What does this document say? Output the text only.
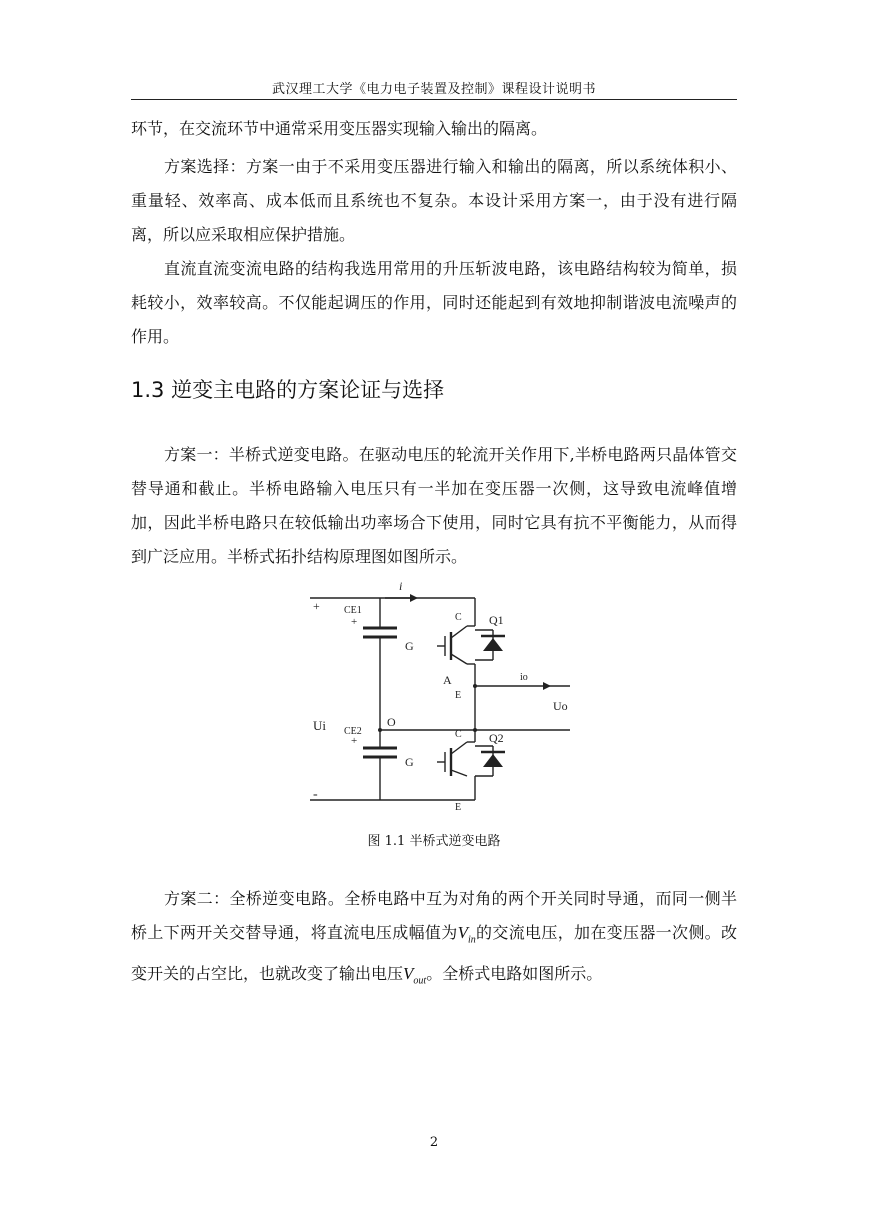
武汉理工大学《电力电子装置及控制》课程设计说明书

环节，在交流环节中通常采用变压器实现输入输出的隔离。

方案选择：方案一由于不采用变压器进行输入和输出的隔离，所以系统体积小、重量轻、效率高、成本低而且系统也不复杂。本设计采用方案一，由于没有进行隔离，所以应采取相应保护措施。

直流直流变流电路的结构我选用常用的升压斩波电路，该电路结构较为简单，损耗较小，效率较高。不仅能起调压的作用，同时还能起到有效地抑制谐波电流噪声的作用。

1.3 逆变主电路的方案论证与选择

方案一：半桥式逆变电路。在驱动电压的轮流开关作用下,半桥电路两只晶体管交替导通和截止。半桥电路输入电压只有一半加在变压器一次侧，这导致电流峰值增加，因此半桥电路只在较低输出功率场合下使用，同时它具有抗不平衡能力，从而得到广泛应用。半桥式拓扑结构原理图如图所示。

+
-
i
CE1
+
CE2
+
G
G
C
C
E
E
Q1
Q2
A
O
io
Uo
Ui
图 1.1 半桥式逆变电路

方案二：全桥逆变电路。全桥电路中互为对角的两个开关同时导通，而同一侧半桥上下两开关交替导通，将直流电压成幅值为$V_{in}$的交流电压，加在变压器一次侧。改变开关的占空比，也就改变了输出电压$V_{out}$。全桥式电路如图所示。

2
